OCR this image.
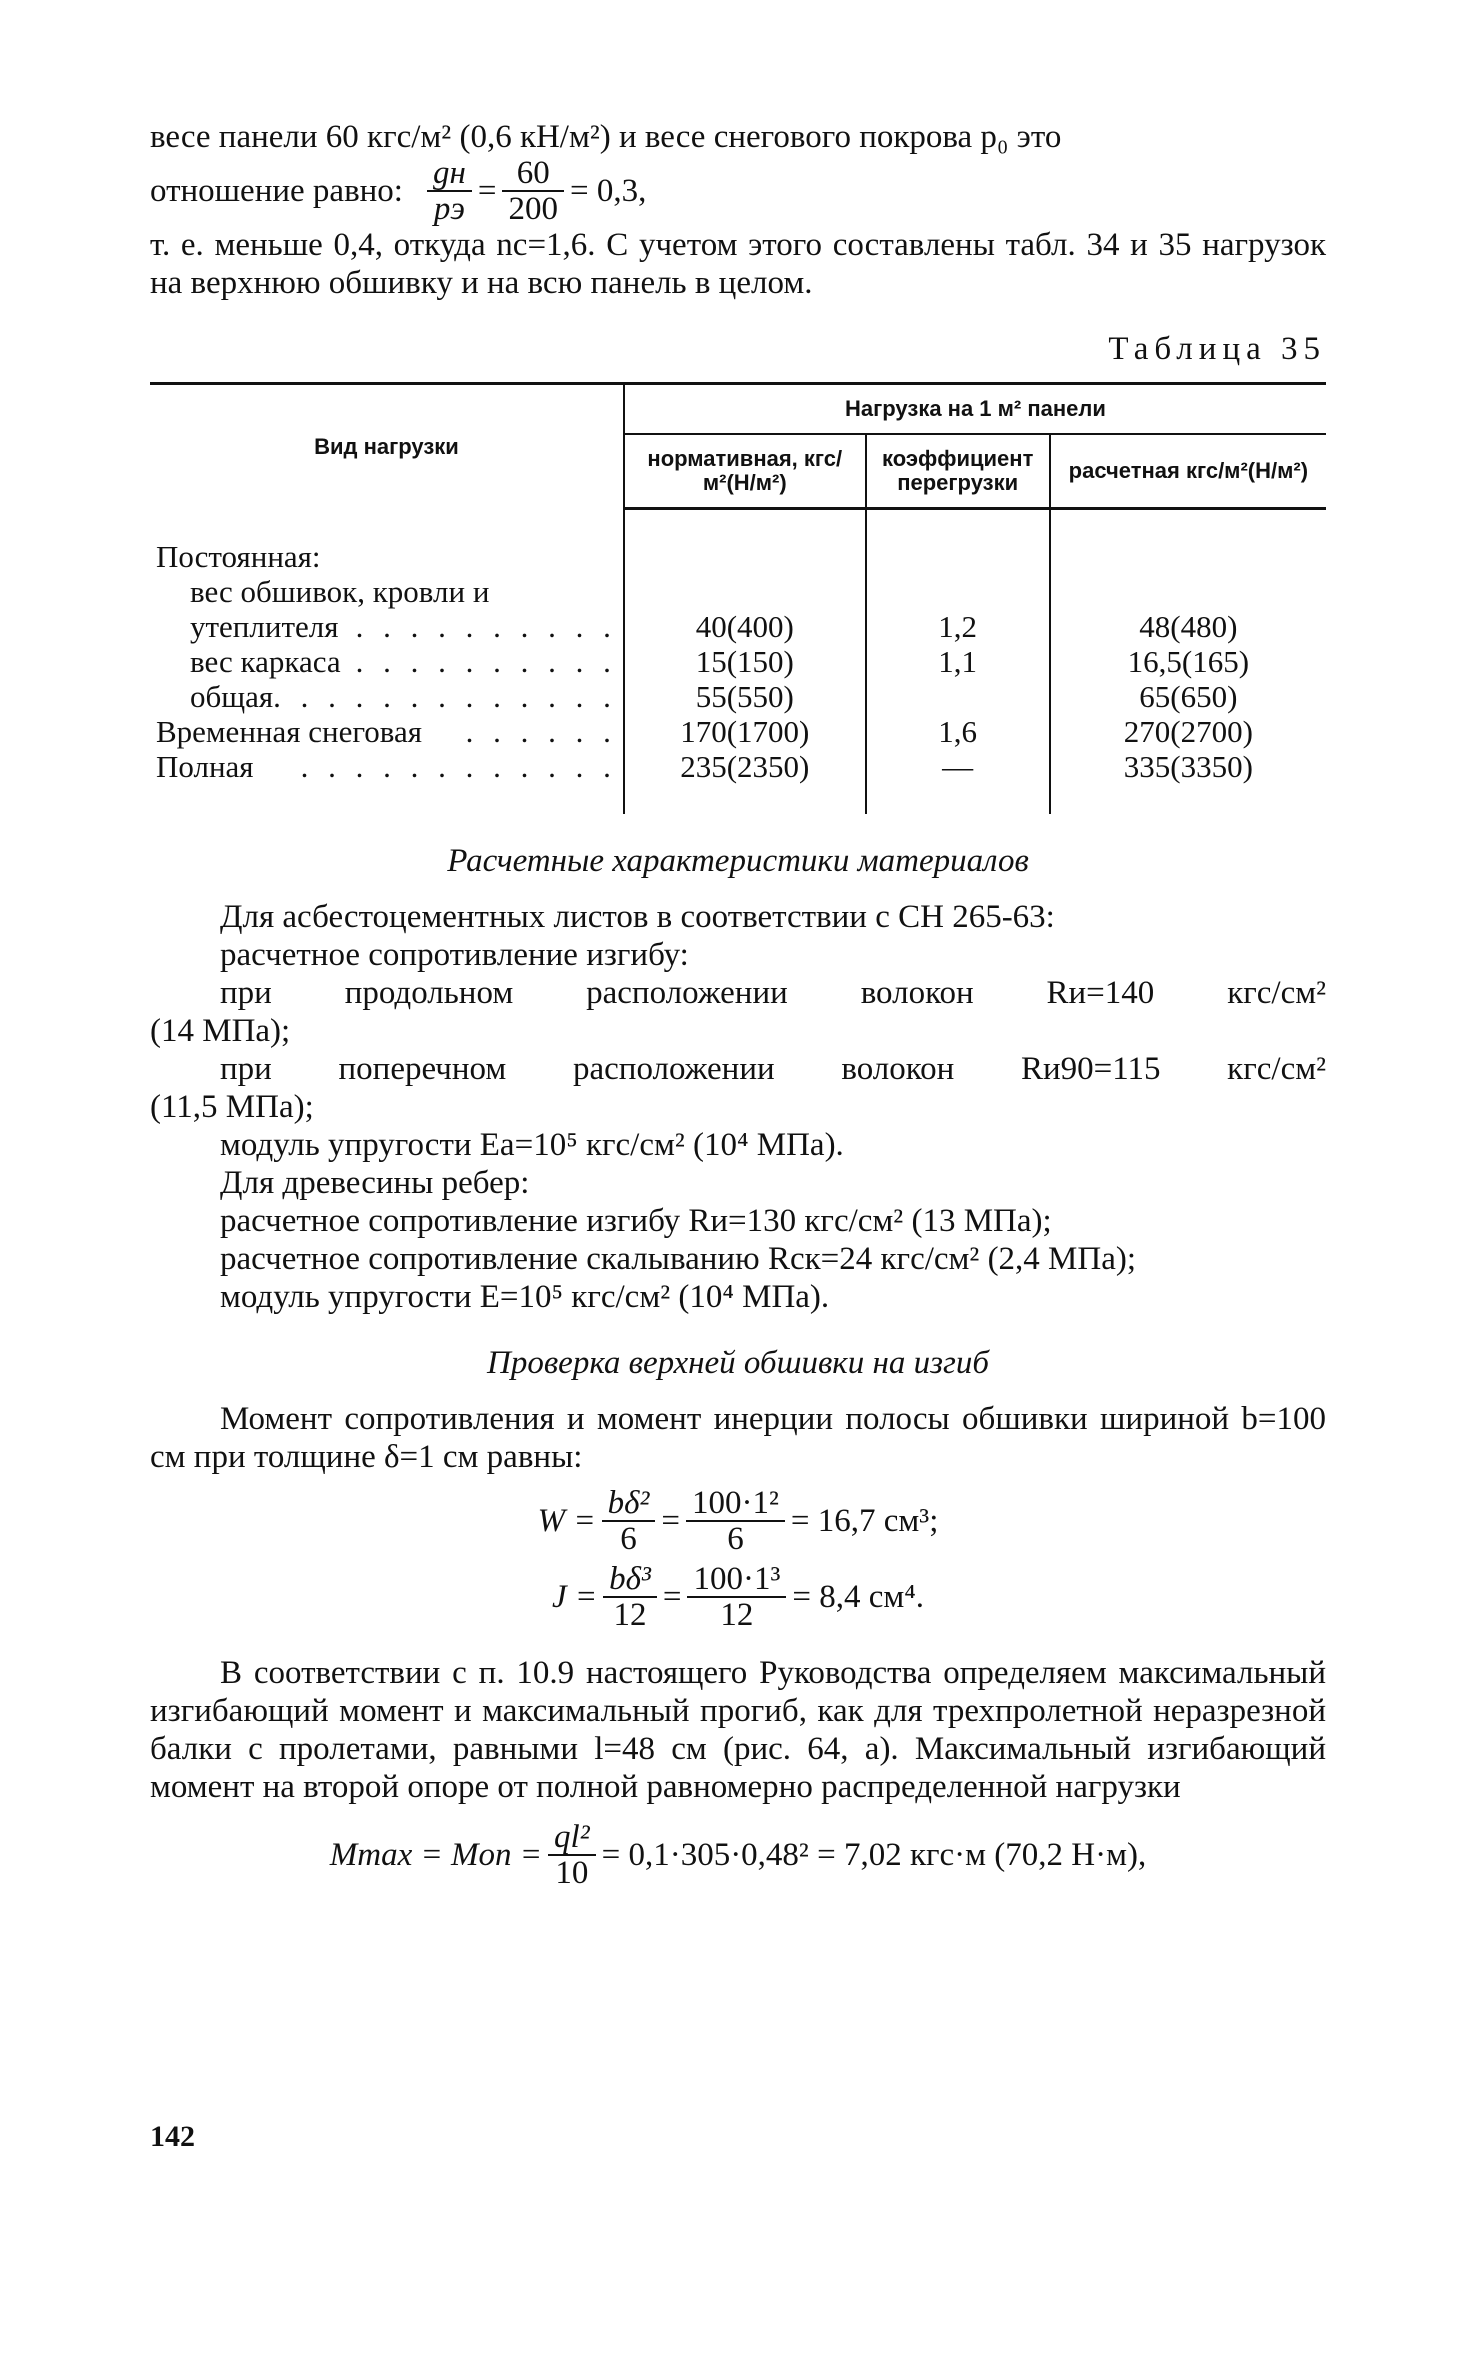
весе панели 60 кгс/м² (0,6 кН/м²) и весе снегового покрова p₀ это

отношение равно: $\frac{gн}{pэ} = \frac{60}{200} = 0,3$,

т. е. меньше 0,4, откуда nс=1,6. С учетом этого составлены табл. 34 и 35 нагрузок на верхнюю обшивку и на всю панель в целом.

Таблица 35
Вид нагрузки	Нагрузка на 1 м² панели		
	нормативная, кгс/м²(Н/м²)	коэффициент перегрузки	расчетная кгс/м²(Н/м²)
Постоянная:			

вес обшивок, кровли и			

утеплителя . . . . . . . . . .	40(400)	1,2	48(480)

вес каркаса . . . . . . . . . .	15(150)	1,1	16,5(165)

общая . . . . . . . . . . . . .	55(550)		65(650)

Временная снеговая . . . . . .	170(1700)	1,6	270(2700)

Полная . . . . . . . . . . . .	235(2350)	—	335(3350)
Расчетные характеристики материалов

Для асбестоцементных листов в соответствии с СН 265-63:

расчетное сопротивление изгибу:

при продольном расположении волокон Rи=140 кгс/см²

(14 МПа);

при поперечном расположении волокон Rи90=115 кгс/см²

(11,5 МПа);

модуль упругости Eа=10⁵ кгс/см² (10⁴ МПа).

Для древесины ребер:

расчетное сопротивление изгибу Rи=130 кгс/см² (13 МПа);

расчетное сопротивление скалыванию Rск=24 кгс/см² (2,4 МПа);

модуль упругости E=10⁵ кгс/см² (10⁴ МПа).

Проверка верхней обшивки на изгиб

Момент сопротивления и момент инерции полосы обшивки шириной b=100 см при толщине δ=1 см равны:

$W = \frac{\text{bδ²}}{6} = \frac{\text{100·1²}}{6} = 16,7$ см³;
$J = \frac{\text{bδ³}}{12} = \frac{\text{100·1³}}{12} = 8,4$ см⁴.

В соответствии с п. 10.9 настоящего Руководства определяем максимальный изгибающий момент и максимальный прогиб, как для трехпролетной неразрезной балки с пролетами, равными l=48 см (рис. 64, а). Максимальный изгибающий момент на второй опоре от полной равномерно распределенной нагрузки

Mmax = Mоп = $\frac{\text{ql²}}{10} = 0,1\cdot 305\cdot 0,48^2 = 7,02$ кгс·м (70,2 Н·м),
142
